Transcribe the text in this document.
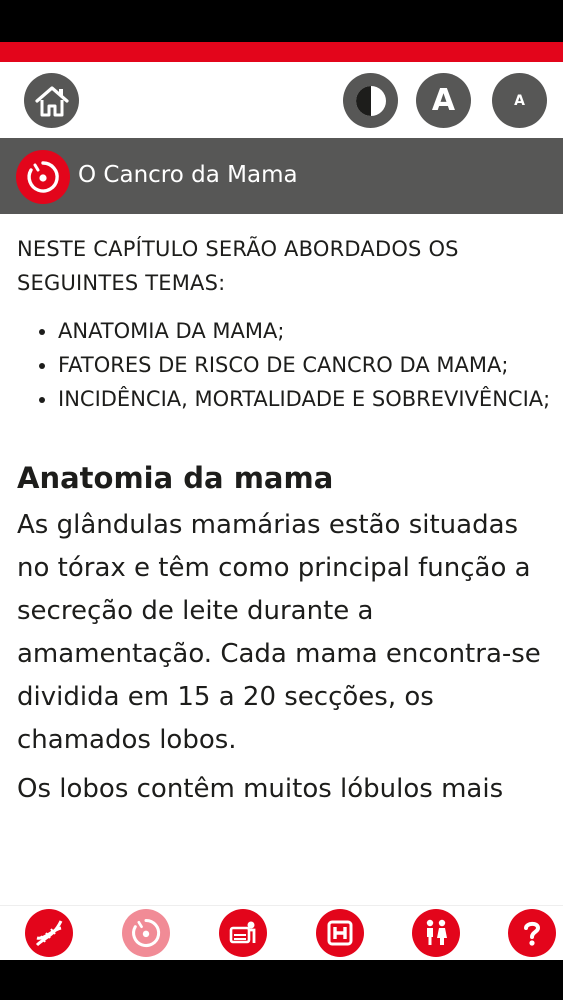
A	A
O Cancro da Mama

NESTE CAPÍTULO SERÃO ABORDADOS OS SEGUINTES TEMAS:

• ANATOMIA DA MAMA;
• FATORES DE RISCO DE CANCRO DA MAMA;
• INCIDÊNCIA, MORTALIDADE E SOBREVIVÊNCIA;
Anatomia da mama

As glândulas mamárias estão situadas no tórax e têm como principal função a secreção de leite durante a amamentação. Cada mama encontra-se dividida em 15 a 20 secções, os chamados lobos.

Os lobos contêm muitos lóbulos mais
